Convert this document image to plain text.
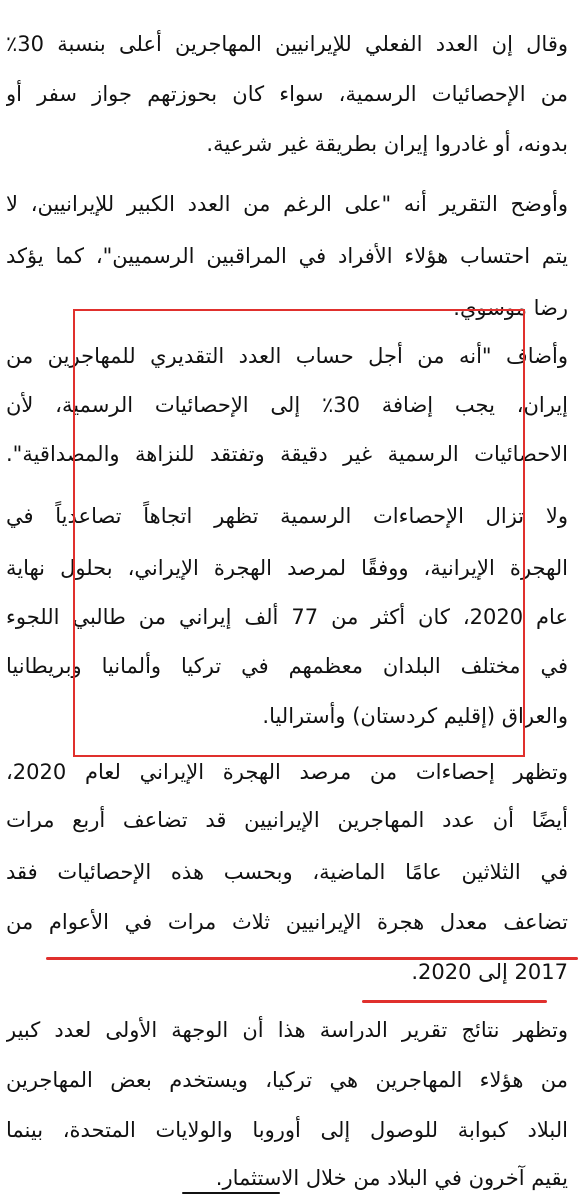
وقال إن العدد الفعلي للإيرانيين المهاجرين أعلى بنسبة 30٪
من الإحصائيات الرسمية، سواء كان بحوزتهم جواز سفر أو
بدونه، أو غادروا إيران بطريقة غير شرعية.
وأوضح التقرير أنه "على الرغم من العدد الكبير للإيرانيين، لا
يتم احتساب هؤلاء الأفراد في المراقبين الرسميين"، كما يؤكد
رضا موسوي.
وأضاف "أنه من أجل حساب العدد التقديري للمهاجرين من
إيران، يجب إضافة 30٪ إلى الإحصائيات الرسمية، لأن
الاحصائيات الرسمية غير دقيقة وتفتقد للنزاهة والمصداقية".
ولا تزال الإحصاءات الرسمية تظهر اتجاهاً تصاعدياً في
الهجرة الإيرانية، ووفقًا لمرصد الهجرة الإيراني، بحلول نهاية
عام 2020، كان أكثر من 77 ألف إيراني من طالبي اللجوء
في مختلف البلدان معظمهم في تركيا وألمانيا وبريطانيا
والعراق (إقليم كردستان) وأستراليا.
وتظهر إحصاءات من مرصد الهجرة الإيراني لعام 2020،
أيضًا أن عدد المهاجرين الإيرانيين قد تضاعف أربع مرات
في الثلاثين عامًا الماضية، وبحسب هذه الإحصائيات فقد
تضاعف معدل هجرة الإيرانيين ثلاث مرات في الأعوام من
2017 إلى 2020.
وتظهر نتائج تقرير الدراسة هذا أن الوجهة الأولى لعدد كبير
من هؤلاء المهاجرين هي تركيا، ويستخدم بعض المهاجرين
البلاد كبوابة للوصول إلى أوروبا والولايات المتحدة، بينما
يقيم آخرون في البلاد من خلال الاستثمار.
